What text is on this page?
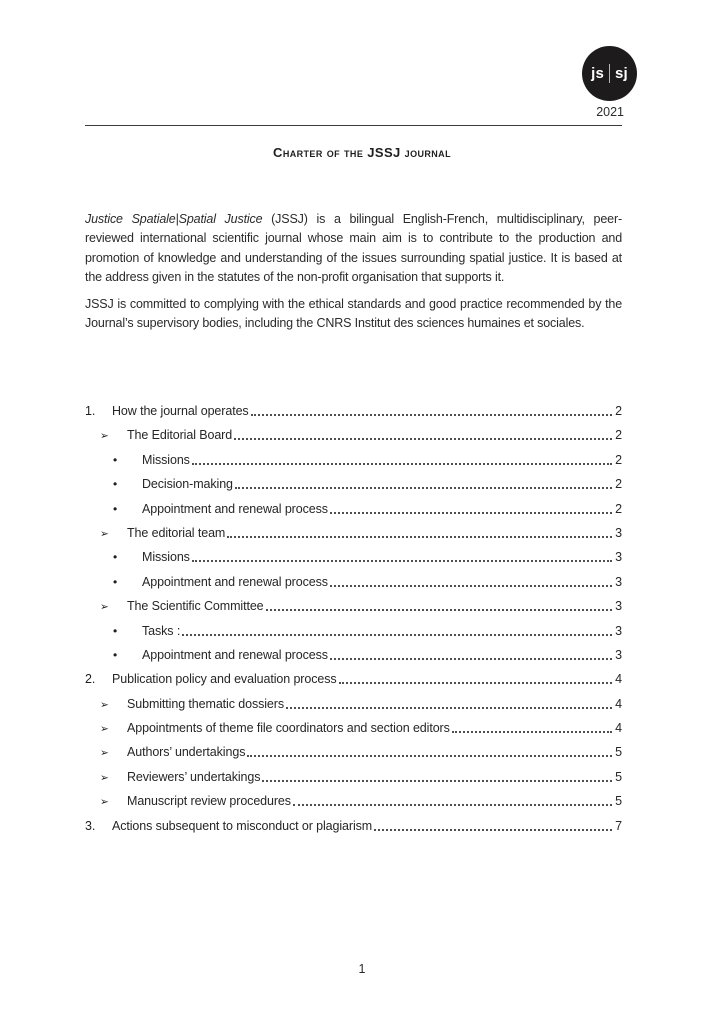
js sj
2021
Charter of the JSSJ journal

Justice Spatiale|Spatial Justice (JSSJ) is a bilingual English-French, multidisciplinary, peer-reviewed international scientific journal whose main aim is to contribute to the production and promotion of knowledge and understanding of the issues surrounding spatial justice. It is based at the address given in the statutes of the non-profit organisation that supports it.

JSSJ is committed to complying with the ethical standards and good practice recommended by the Journal’s supervisory bodies, including the CNRS Institut des sciences humaines et sociales.

1.	How the journal operates	2
➢	The Editorial Board	2
•	Missions	2
•	Decision-making	2
•	Appointment and renewal process	2
➢	The editorial team	3
•	Missions	3
•	Appointment and renewal process	3
➢	The Scientific Committee	3
•	Tasks :	3
•	Appointment and renewal process	3
2.	Publication policy and evaluation process	4
➢	Submitting thematic dossiers	4
➢	Appointments of theme file coordinators and section editors	4
➢	Authors’ undertakings	5
➢	Reviewers’ undertakings	5
➢	Manuscript review procedures	5
3.	Actions subsequent to misconduct or plagiarism	7
1
